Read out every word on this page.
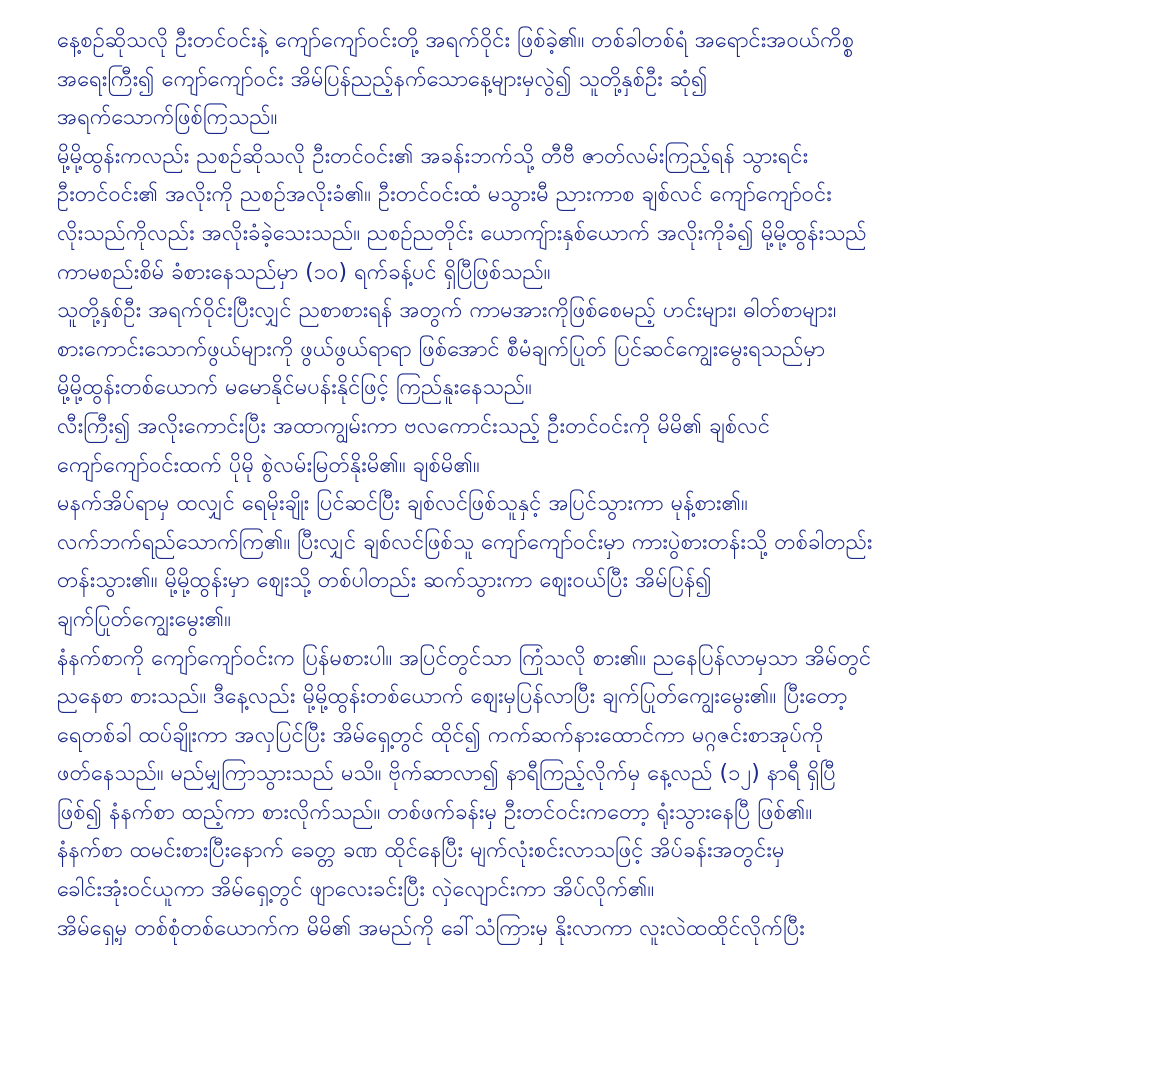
နေ့စဉ်ဆိုသလို ဦးတင်ဝင်းနဲ့ ကျော်ကျော်ဝင်းတို့ အရက်ဝိုင်း ဖြစ်ခဲ့၏။ တစ်ခါတစ်ရံ အရောင်းအဝယ်ကိစ္စ
အရေးကြီး၍ ကျော်ကျော်ဝင်း အိမ်ပြန်ညည့်နက်သောနေ့များမှလွဲ၍ သူတို့နှစ်ဦး ဆုံ၍
အရက်သောက်ဖြစ်ကြသည်။
မို့မို့ထွန်းကလည်း ညစဉ်ဆိုသလို ဦးတင်ဝင်း၏ အခန်းဘက်သို့ တီဗီ ဇာတ်လမ်းကြည့်ရန် သွားရင်း
ဦးတင်ဝင်း၏ အလိုးကို ညစဉ်အလိုးခံ၏။ ဦးတင်ဝင်းထံ မသွားမီ ညားကာစ ချစ်လင် ကျော်ကျော်ဝင်း
လိုးသည်ကိုလည်း အလိုးခံခဲ့သေးသည်။ ညစဉ်ညတိုင်း ယောကျ်ားနှစ်ယောက် အလိုးကိုခံ၍ မို့မို့ထွန်းသည်
ကာမစည်းစိမ် ခံစားနေသည်မှာ (၁၀) ရက်ခန့်ပင် ရှိပြီဖြစ်သည်။
သူတို့နှစ်ဦး အရက်ဝိုင်းပြီးလျှင် ညစာစားရန် အတွက် ကာမအားကိုဖြစ်စေမည့် ဟင်းများ၊ ဓါတ်စာများ၊
စားကောင်းသောက်ဖွယ်များကို ဖွယ်ဖွယ်ရာရာ ဖြစ်အောင် စီမံချက်ပြုတ် ပြင်ဆင်ကျွေးမွေးရသည်မှာ
မို့မို့ထွန်းတစ်ယောက် မမောနိုင်မပန်းနိုင်ဖြင့် ကြည်နူးနေသည်။
လီးကြီး၍ အလိုးကောင်းပြီး အထာကျွမ်းကာ ဗလကောင်းသည့် ဦးတင်ဝင်းကို မိမိ၏ ချစ်လင်
ကျော်ကျော်ဝင်းထက် ပိုမို စွဲလမ်းမြတ်နိုးမိ၏။ ချစ်မိ၏။
မနက်အိပ်ရာမှ ထလျှင် ရေမိုးချိုး ပြင်ဆင်ပြီး ချစ်လင်ဖြစ်သူနှင့် အပြင်သွားကာ မုန့်စား၏။
လက်ဘက်ရည်သောက်ကြ၏။ ပြီးလျှင် ချစ်လင်ဖြစ်သူ ကျော်ကျော်ဝင်းမှာ ကားပွဲစားတန်းသို့ တစ်ခါတည်း
တန်းသွား၏။ မို့မို့ထွန်းမှာ ဈေးသို့ တစ်ပါတည်း ဆက်သွားကာ ဈေးဝယ်ပြီး အိမ်ပြန်၍
ချက်ပြုတ်ကျွေးမွေး၏။
နံနက်စာကို ကျော်ကျော်ဝင်းက ပြန်မစားပါ။ အပြင်တွင်သာ ကြုံသလို စား၏။ ညနေပြန်လာမှသာ အိမ်တွင်
ညနေစာ စားသည်။ ဒီနေ့လည်း မို့မို့ထွန်းတစ်ယောက် ဈေးမှပြန်လာပြီး ချက်ပြုတ်ကျွေးမွေး၏။ ပြီးတော့
ရေတစ်ခါ ထပ်ချိုးကာ အလှပြင်ပြီး အိမ်ရှေ့တွင် ထိုင်၍ ကက်ဆက်နားထောင်ကာ မဂ္ဂဇင်းစာအုပ်ကို
ဖတ်နေသည်။ မည်မျှကြာသွားသည် မသိ။ ဗိုက်ဆာလာ၍ နာရီကြည့်လိုက်မှ နေ့လည် (၁၂) နာရီ ရှိပြီ
ဖြစ်၍ နံနက်စာ ထည့်ကာ စားလိုက်သည်။ တစ်ဖက်ခန်းမှ ဦးတင်ဝင်းကတော့ ရုံးသွားနေပြီ ဖြစ်၏။
နံနက်စာ ထမင်းစားပြီးနောက် ခေတ္တ ခဏ ထိုင်နေပြီး မျက်လုံးစင်းလာသဖြင့် အိပ်ခန်းအတွင်းမှ
ခေါင်းအုံးဝင်ယူကာ အိမ်ရှေ့တွင် ဖျာလေးခင်းပြီး လှဲလျောင်းကာ အိပ်လိုက်၏။
အိမ်ရှေ့မှ တစ်စုံတစ်ယောက်က မိမိ၏ အမည်ကို ခေါ်သံကြားမှ နိုးလာကာ လူးလဲထထိုင်လိုက်ပြီး
